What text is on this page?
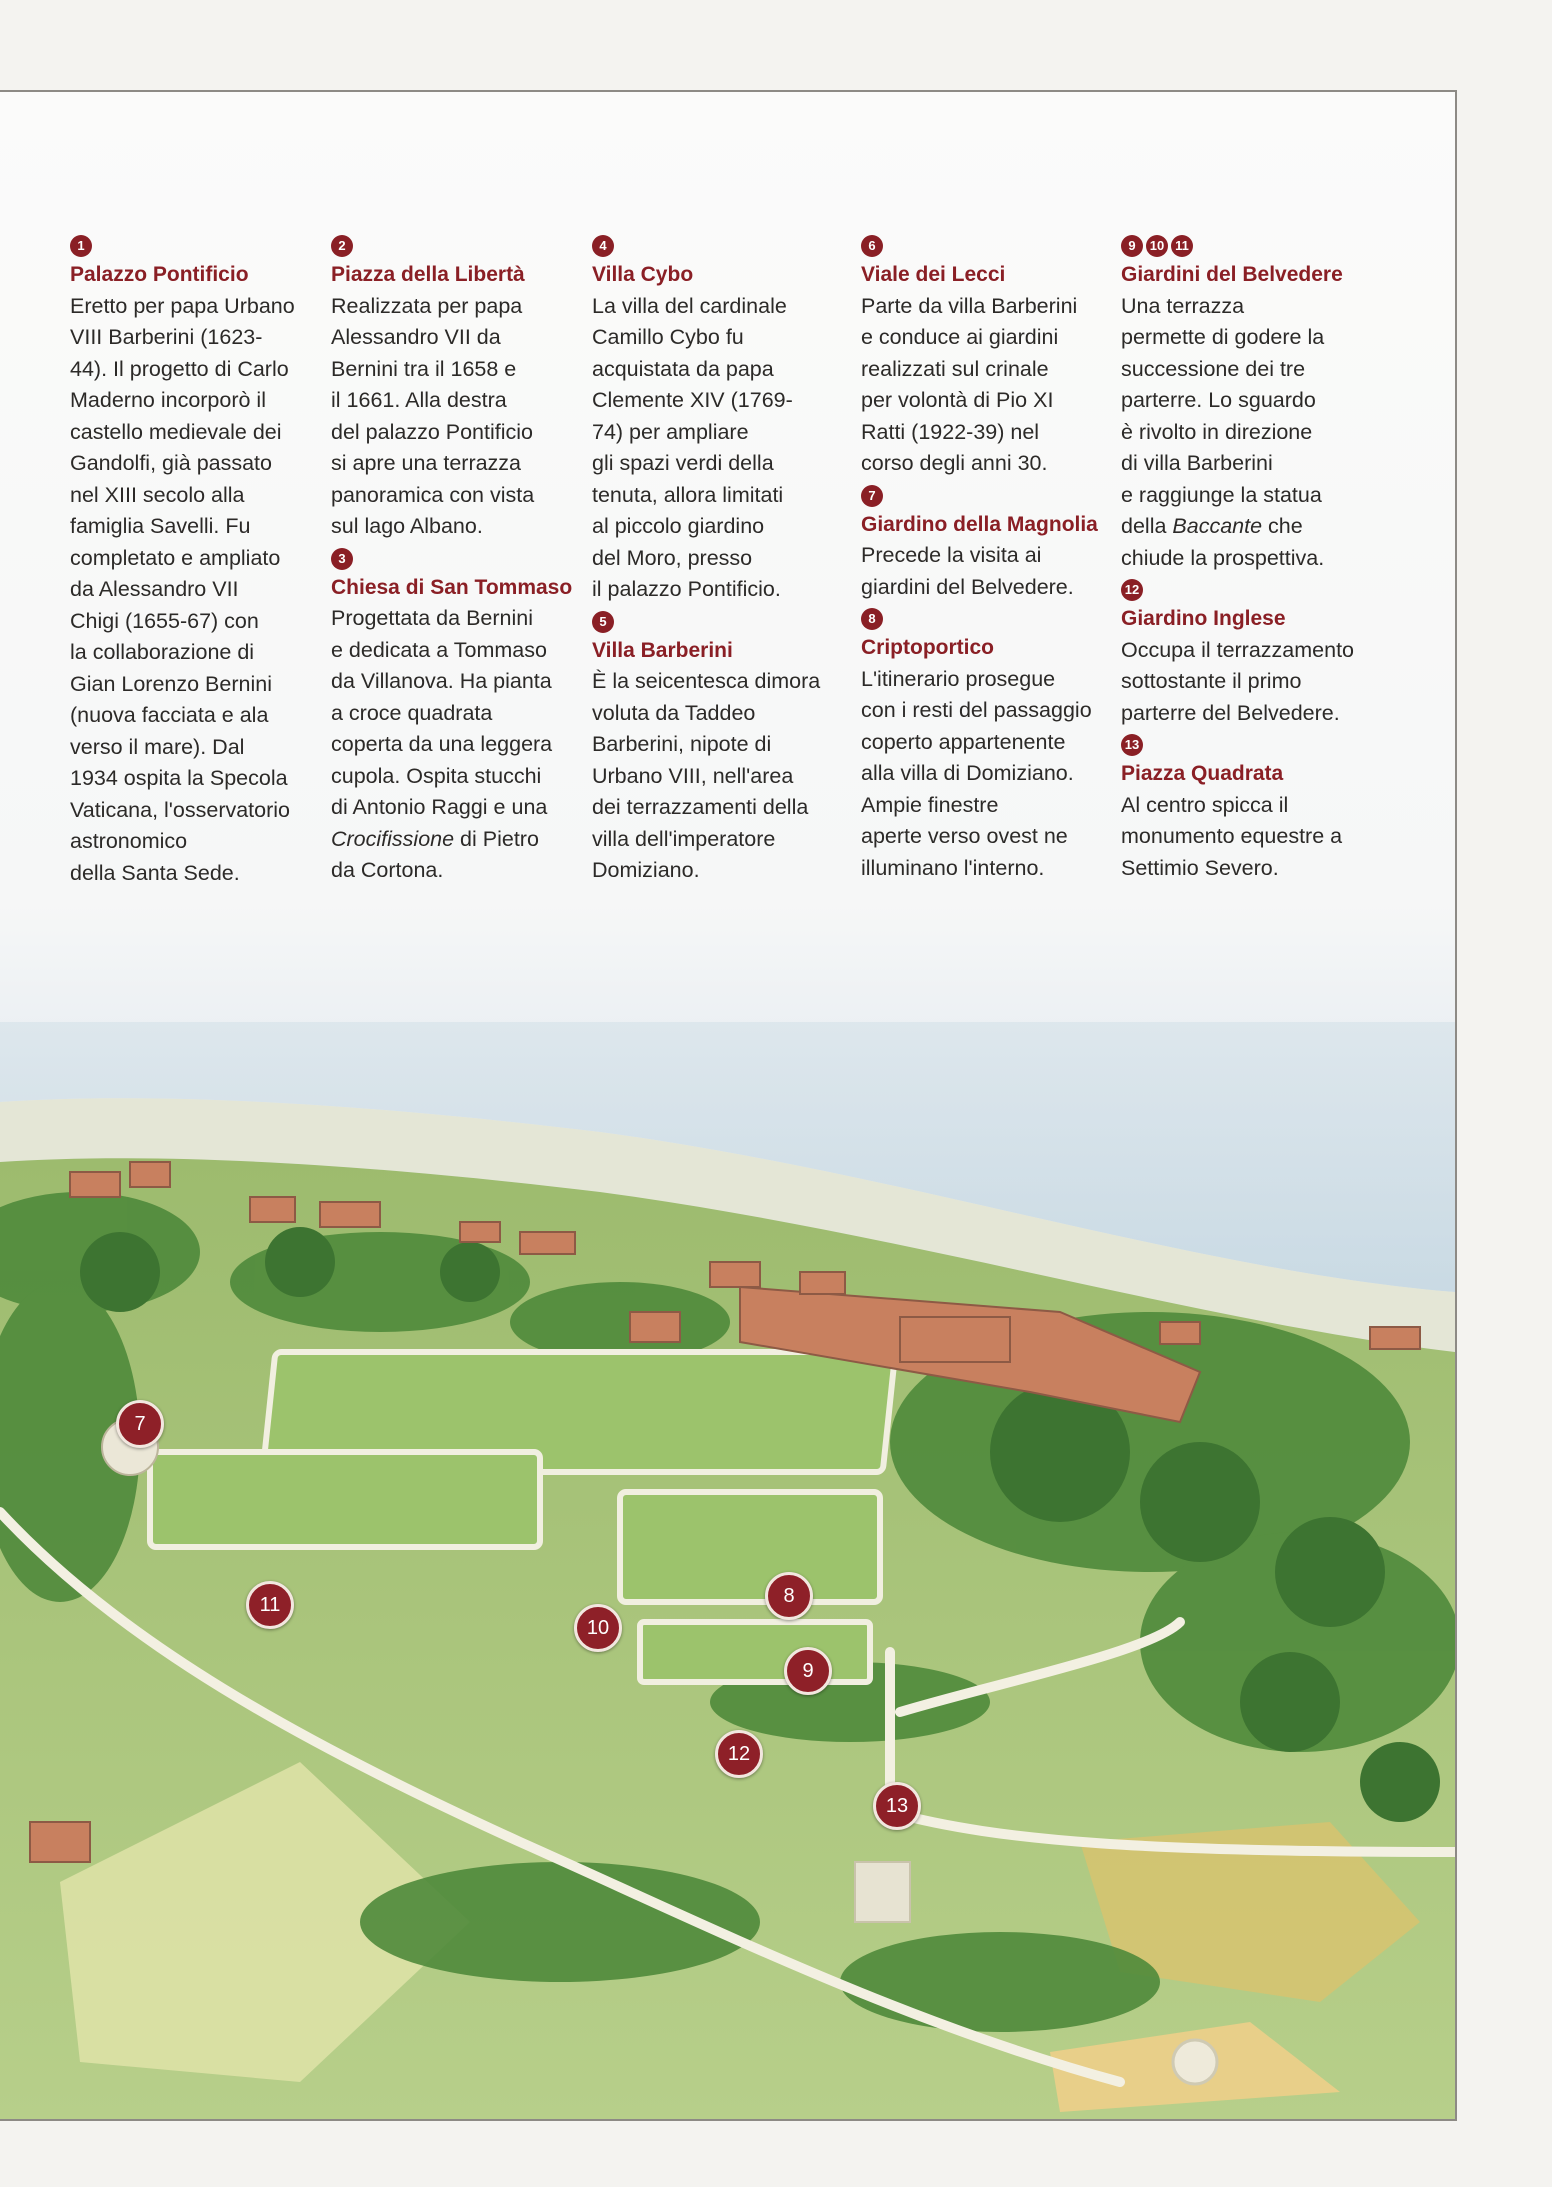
1
Palazzo Pontificio

Eretto per papa Urbano
VIII Barberini (1623-
44). Il progetto di Carlo
Maderno incorporò il
castello medievale dei
Gandolfi, già passato
nel XIII secolo alla
famiglia Savelli. Fu
completato e ampliato
da Alessandro VII
Chigi (1655-67) con
la collaborazione di
Gian Lorenzo Bernini
(nuova facciata e ala
verso il mare). Dal
1934 ospita la Specola
Vaticana, l'osservatorio
astronomico
della Santa Sede.

2
Piazza della Libertà

Realizzata per papa
Alessandro VII da
Bernini tra il 1658 e
il 1661. Alla destra
del palazzo Pontificio
si apre una terrazza
panoramica con vista
sul lago Albano.

3
Chiesa di San Tommaso

Progettata da Bernini
e dedicata a Tommaso
da Villanova. Ha pianta
a croce quadrata
coperta da una leggera
cupola. Ospita stucchi
di Antonio Raggi e una
Crocifissione di Pietro
da Cortona.

4
Villa Cybo

La villa del cardinale
Camillo Cybo fu
acquistata da papa
Clemente XIV (1769-
74) per ampliare
gli spazi verdi della
tenuta, allora limitati
al piccolo giardino
del Moro, presso
il palazzo Pontificio.

5
Villa Barberini

È la seicentesca dimora
voluta da Taddeo
Barberini, nipote di
Urbano VIII, nell'area
dei terrazzamenti della
villa dell'imperatore
Domiziano.

6
Viale dei Lecci

Parte da villa Barberini
e conduce ai giardini
realizzati sul crinale
per volontà di Pio XI
Ratti (1922-39) nel
corso degli anni 30.

7
Giardino della Magnolia

Precede la visita ai
giardini del Belvedere.

8
Criptoportico

L'itinerario prosegue
con i resti del passaggio
coperto appartenente
alla villa di Domiziano.
Ampie finestre
aperte verso ovest ne
illuminano l'interno.

9 10 11
Giardini del Belvedere

Una terrazza
permette di godere la
successione dei tre
parterre. Lo sguardo
è rivolto in direzione
di villa Barberini
e raggiunge la statua
della Baccante che
chiude la prospettiva.

12
Giardino Inglese

Occupa il terrazzamento
sottostante il primo
parterre del Belvedere.

13
Piazza Quadrata

Al centro spicca il
monumento equestre a
Settimio Severo.

7
8
9
10
11
12
13
